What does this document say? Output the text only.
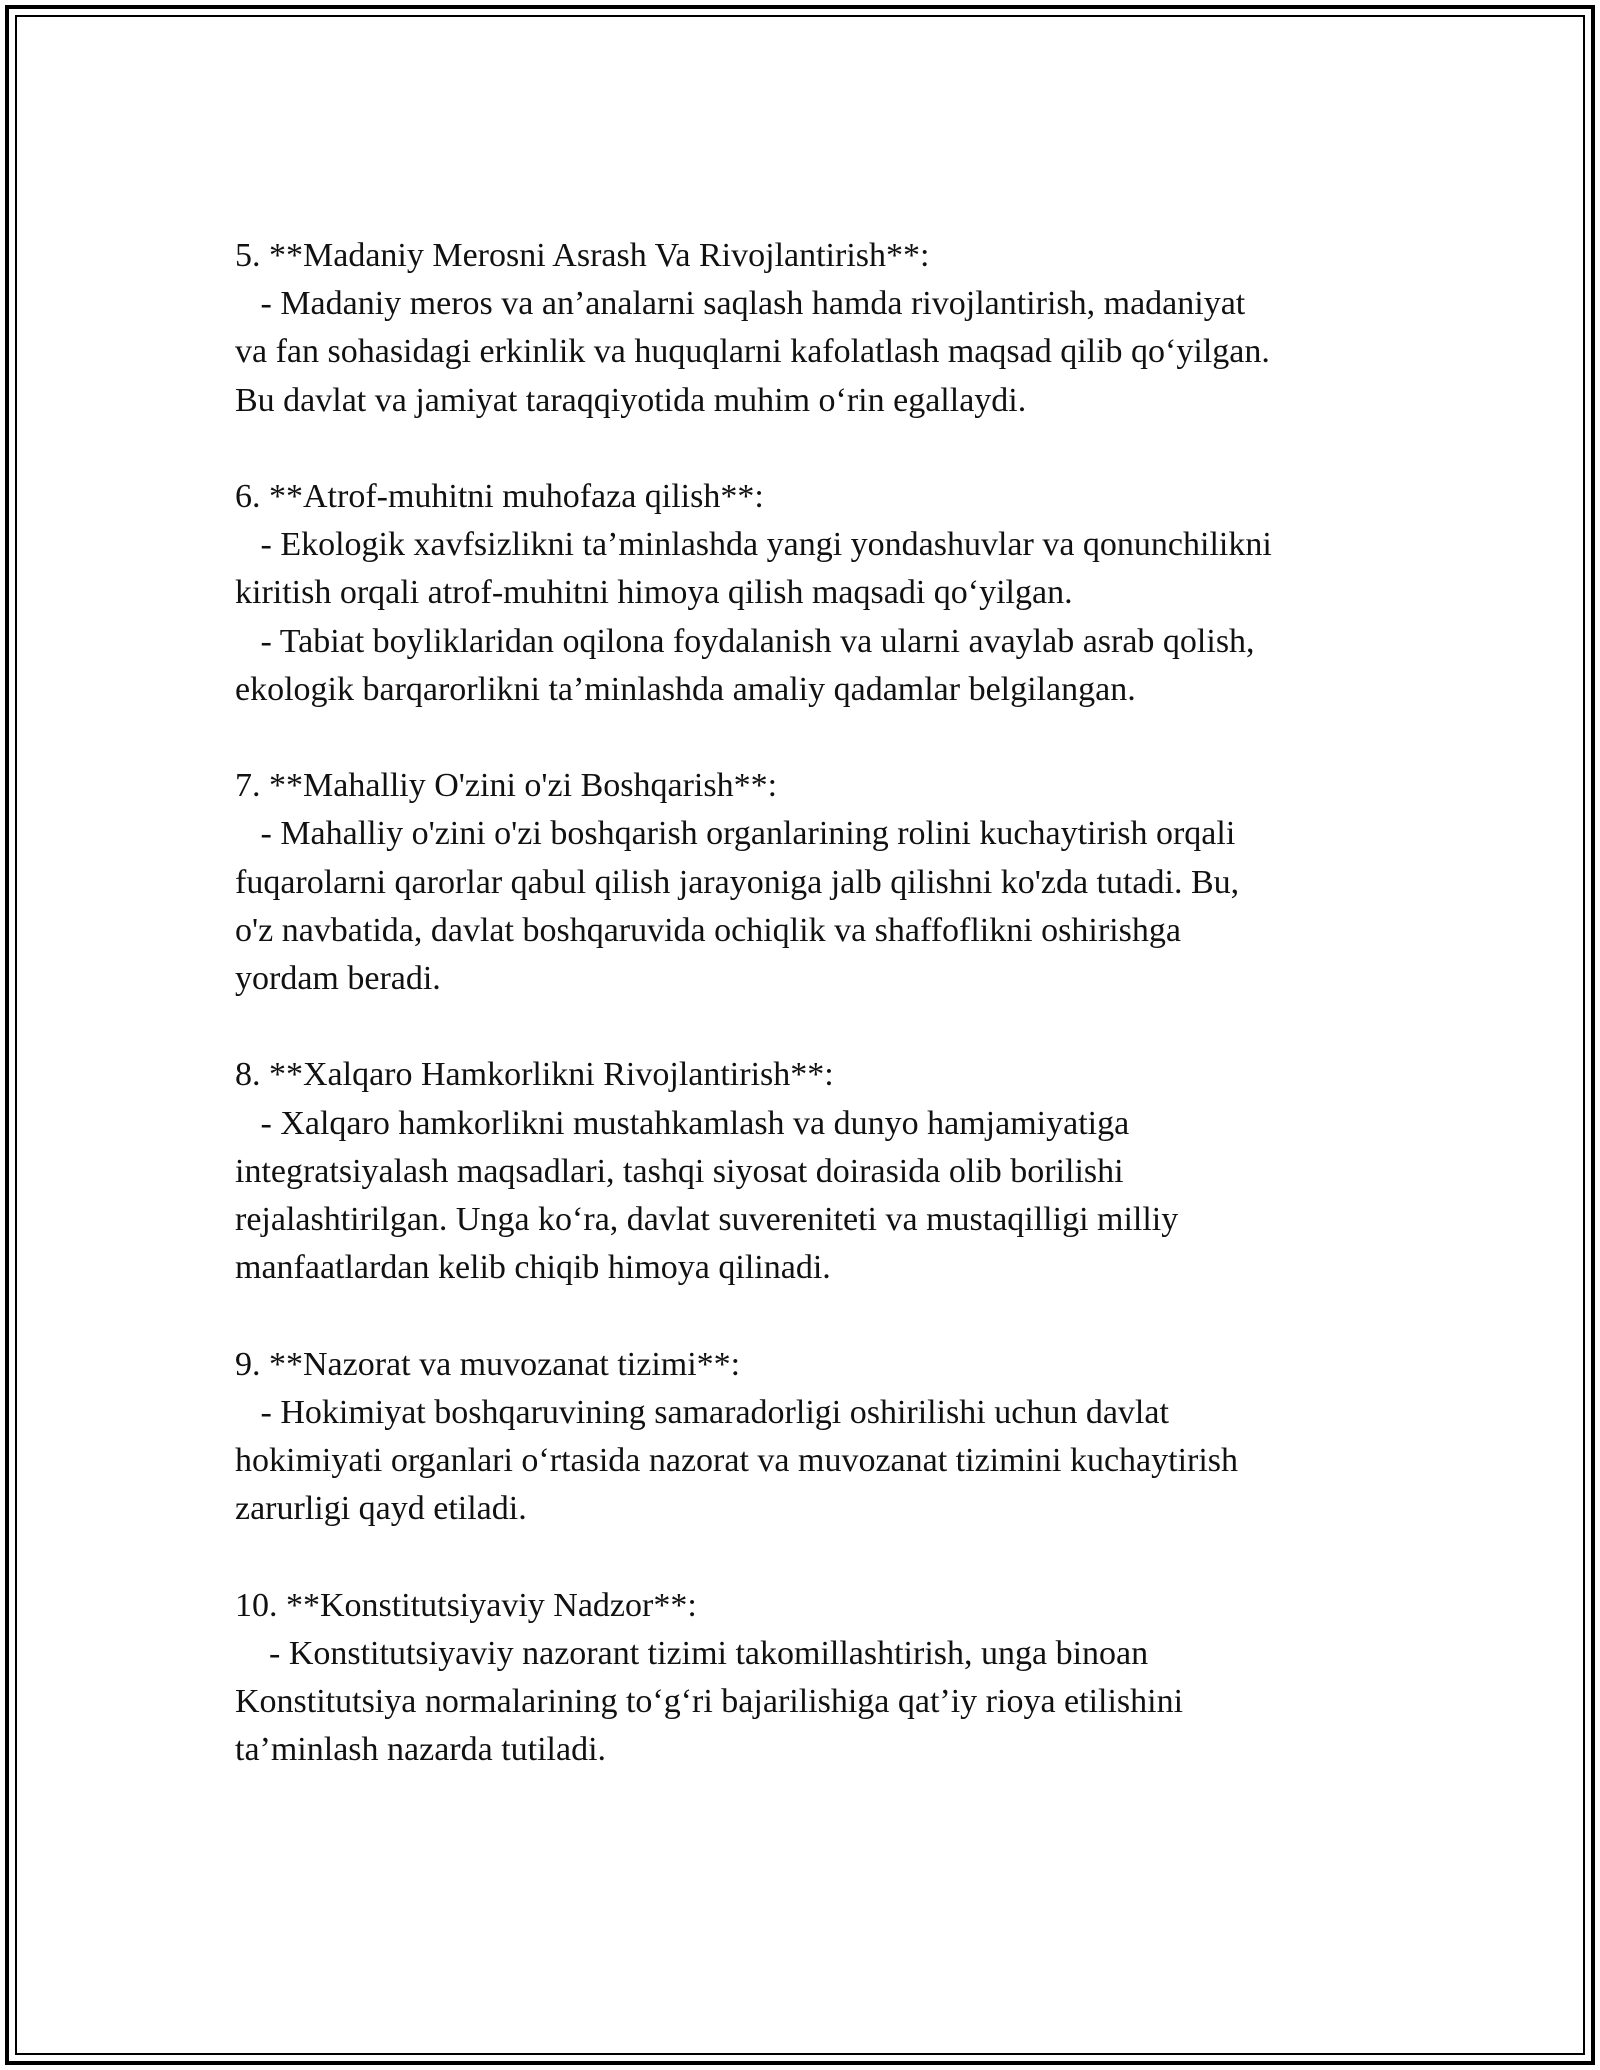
5. **Madaniy Merosni Asrash Va Rivojlantirish**:

- Madaniy meros va an’analarni saqlash hamda rivojlantirish, madaniyat

va fan sohasidagi erkinlik va huquqlarni kafolatlash maqsad qilib qo‘yilgan.

Bu davlat va jamiyat taraqqiyotida muhim o‘rin egallaydi.

6. **Atrof-muhitni muhofaza qilish**:

- Ekologik xavfsizlikni ta’minlashda yangi yondashuvlar va qonunchilikni

kiritish orqali atrof-muhitni himoya qilish maqsadi qo‘yilgan.

- Tabiat boyliklaridan oqilona foydalanish va ularni avaylab asrab qolish,

ekologik barqarorlikni ta’minlashda amaliy qadamlar belgilangan.

7. **Mahalliy O'zini o'zi Boshqarish**:

- Mahalliy o'zini o'zi boshqarish organlarining rolini kuchaytirish orqali

fuqarolarni qarorlar qabul qilish jarayoniga jalb qilishni ko'zda tutadi. Bu,

o'z navbatida, davlat boshqaruvida ochiqlik va shaffoflikni oshirishga

yordam beradi.

8. **Xalqaro Hamkorlikni Rivojlantirish**:

- Xalqaro hamkorlikni mustahkamlash va dunyo hamjamiyatiga

integratsiyalash maqsadlari, tashqi siyosat doirasida olib borilishi

rejalashtirilgan. Unga ko‘ra, davlat suvereniteti va mustaqilligi milliy

manfaatlardan kelib chiqib himoya qilinadi.

9. **Nazorat va muvozanat tizimi**:

- Hokimiyat boshqaruvining samaradorligi oshirilishi uchun davlat

hokimiyati organlari o‘rtasida nazorat va muvozanat tizimini kuchaytirish

zarurligi qayd etiladi.

10. **Konstitutsiyaviy Nadzor**:

- Konstitutsiyaviy nazorant tizimi takomillashtirish, unga binoan

Konstitutsiya normalarining to‘g‘ri bajarilishiga qat’iy rioya etilishini

ta’minlash nazarda tutiladi.
